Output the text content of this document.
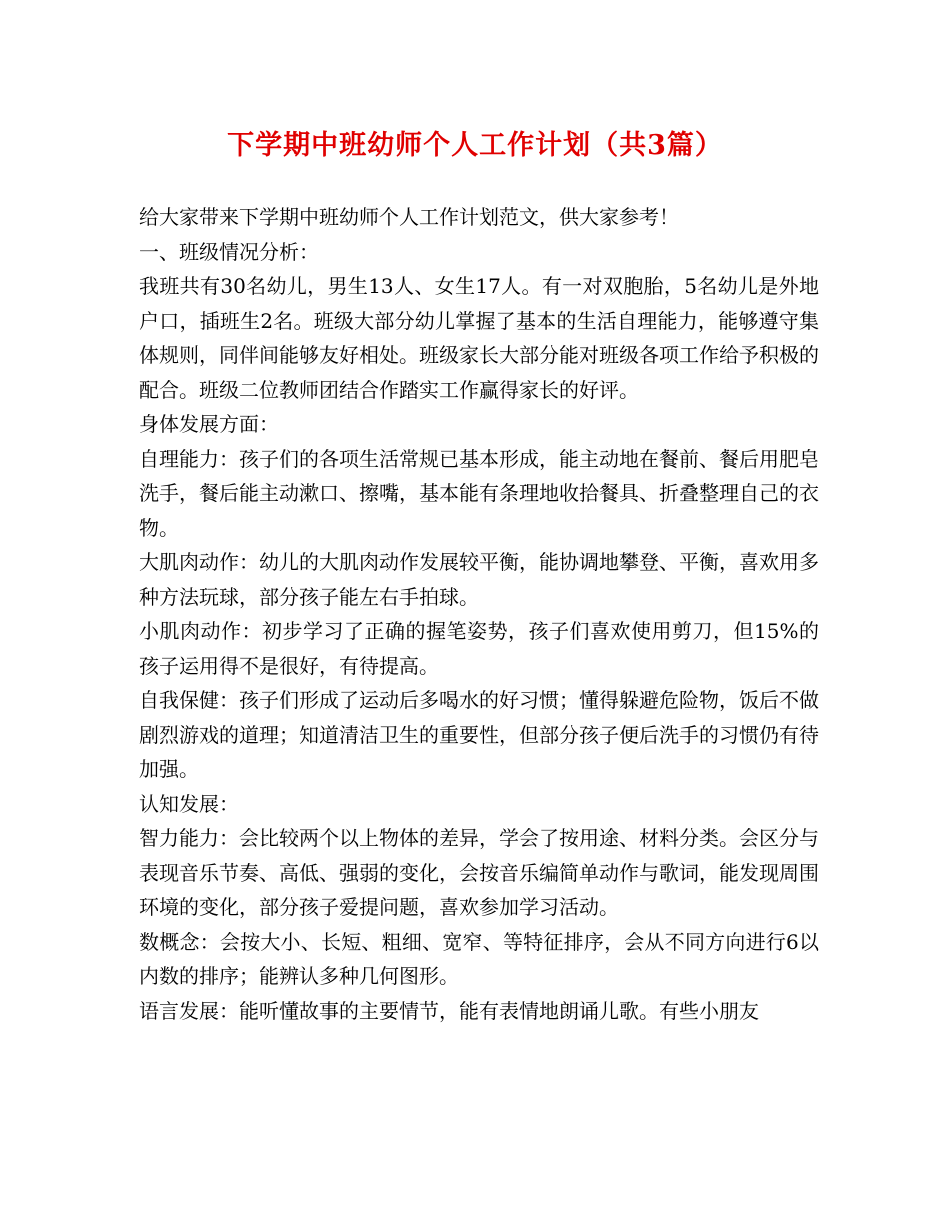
下学期中班幼师个人工作计划（共3篇）

给大家带来下学期中班幼师个人工作计划范文，供大家参考！

一、班级情况分析：

我班共有30名幼儿，男生13人、女生17人。有一对双胞胎，5名幼儿是外地户口，插班生2名。班级大部分幼儿掌握了基本的生活自理能力，能够遵守集体规则，同伴间能够友好相处。班级家长大部分能对班级各项工作给予积极的配合。班级二位教师团结合作踏实工作赢得家长的好评。

身体发展方面：

自理能力：孩子们的各项生活常规已基本形成，能主动地在餐前、餐后用肥皂洗手，餐后能主动漱口、擦嘴，基本能有条理地收拾餐具、折叠整理自己的衣物。

大肌肉动作：幼儿的大肌肉动作发展较平衡，能协调地攀登、平衡，喜欢用多种方法玩球，部分孩子能左右手拍球。

小肌肉动作：初步学习了正确的握笔姿势，孩子们喜欢使用剪刀，但15%的孩子运用得不是很好，有待提高。

自我保健：孩子们形成了运动后多喝水的好习惯；懂得躲避危险物，饭后不做剧烈游戏的道理；知道清洁卫生的重要性，但部分孩子便后洗手的习惯仍有待加强。

认知发展：

智力能力：会比较两个以上物体的差异，学会了按用途、材料分类。会区分与表现音乐节奏、高低、强弱的变化，会按音乐编简单动作与歌词，能发现周围环境的变化，部分孩子爱提问题，喜欢参加学习活动。

数概念：会按大小、长短、粗细、宽窄、等特征排序，会从不同方向进行6以内数的排序；能辨认多种几何图形。

语言发展：能听懂故事的主要情节，能有表情地朗诵儿歌。有些小朋友
